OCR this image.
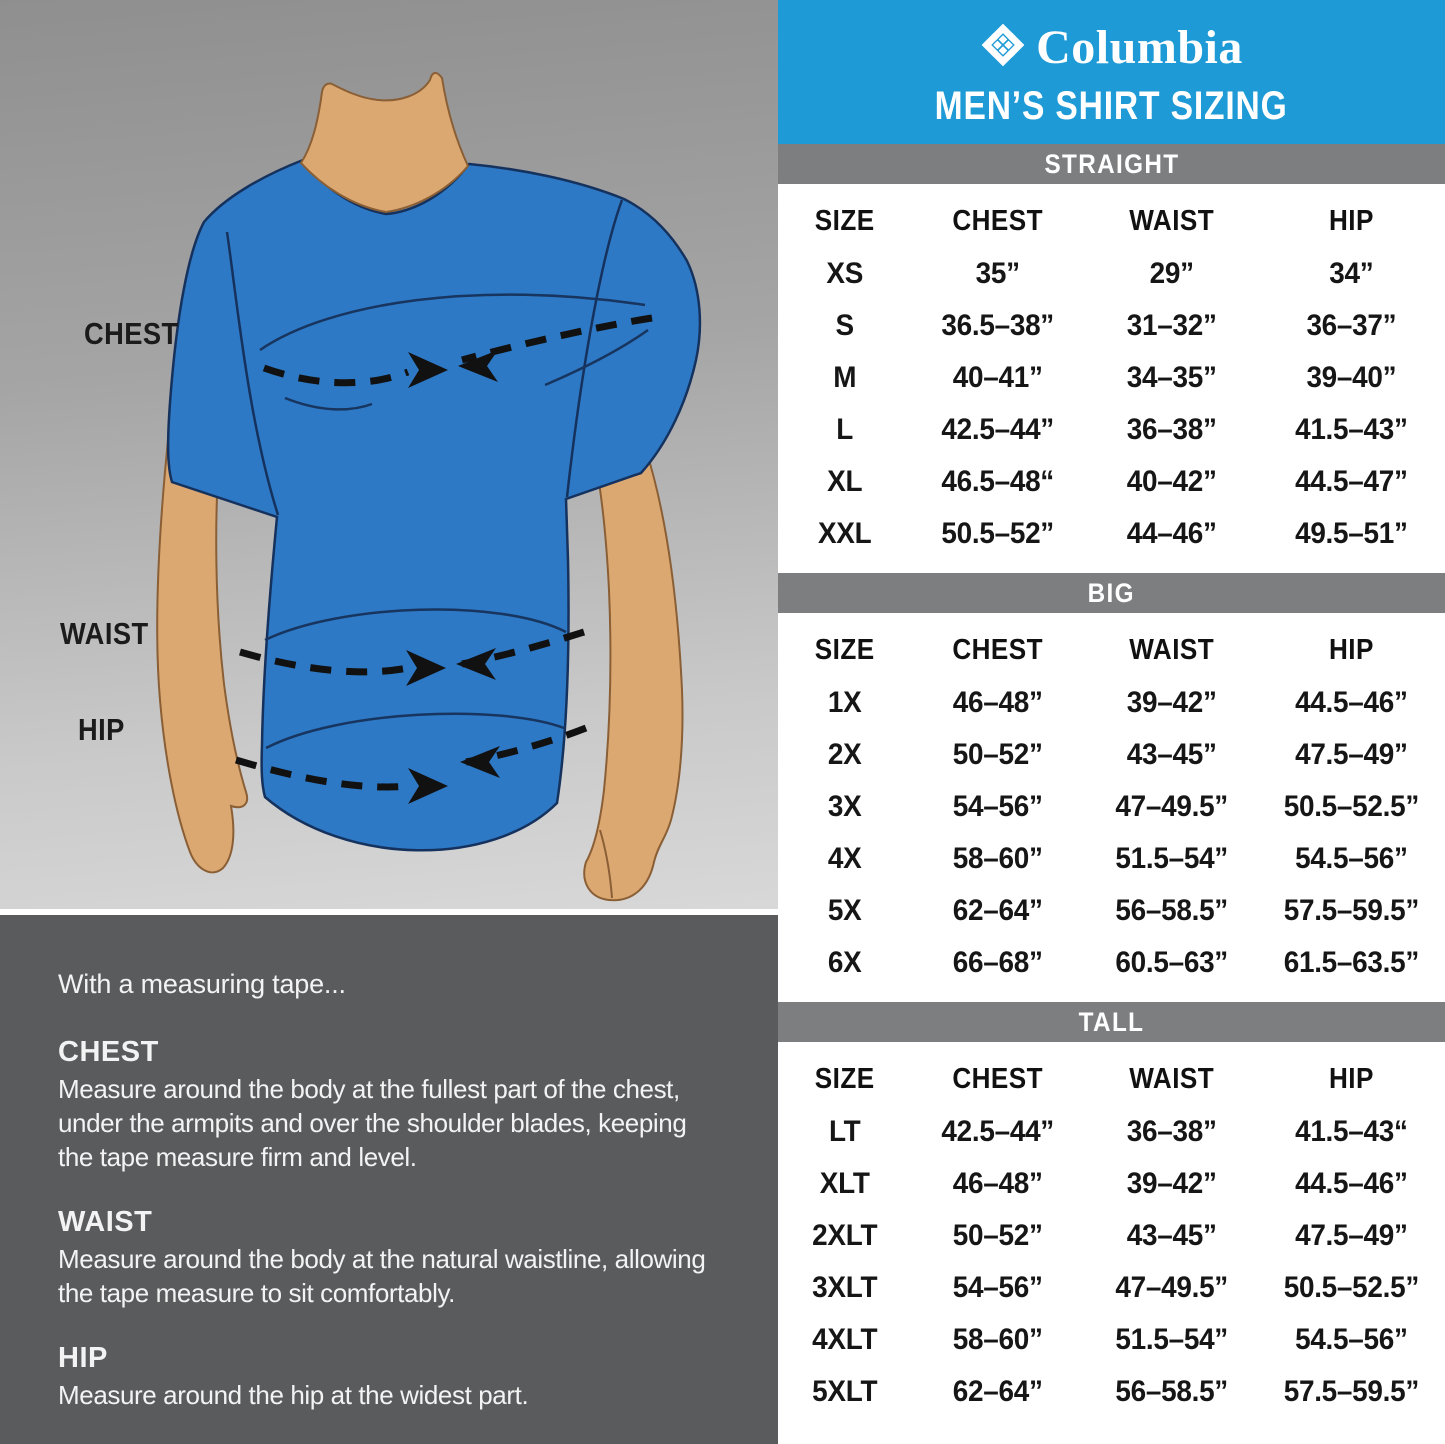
CHEST
WAIST
HIP
With a measuring tape...
CHEST
Measure around the body at the fullest part of the chest, under the armpits and over the shoulder blades, keeping the tape measure firm and level.
WAIST
Measure around the body at the natural waistline, allowing the tape measure to sit comfortably.
HIP
Measure around the hip at the widest part.
Columbia
MEN’S SHIRT SIZING
STRAIGHT
SIZE	CHEST	WAIST	HIP
XS	35”	29”	34”
S	36.5–38”	31–32”	36–37”
M	40–41”	34–35”	39–40”
L	42.5–44”	36–38”	41.5–43”
XL	46.5–48“	40–42”	44.5–47”
XXL	50.5–52”	44–46”	49.5–51”
BIG
SIZE	CHEST	WAIST	HIP
1X	46–48”	39–42”	44.5–46”
2X	50–52”	43–45”	47.5–49”
3X	54–56”	47–49.5”	50.5–52.5”
4X	58–60”	51.5–54”	54.5–56”
5X	62–64”	56–58.5”	57.5–59.5”
6X	66–68”	60.5–63”	61.5–63.5”
TALL
SIZE	CHEST	WAIST	HIP
LT	42.5–44”	36–38”	41.5–43“
XLT	46–48”	39–42”	44.5–46”
2XLT	50–52”	43–45”	47.5–49”
3XLT	54–56”	47–49.5”	50.5–52.5”
4XLT	58–60”	51.5–54”	54.5–56”
5XLT	62–64”	56–58.5”	57.5–59.5”
